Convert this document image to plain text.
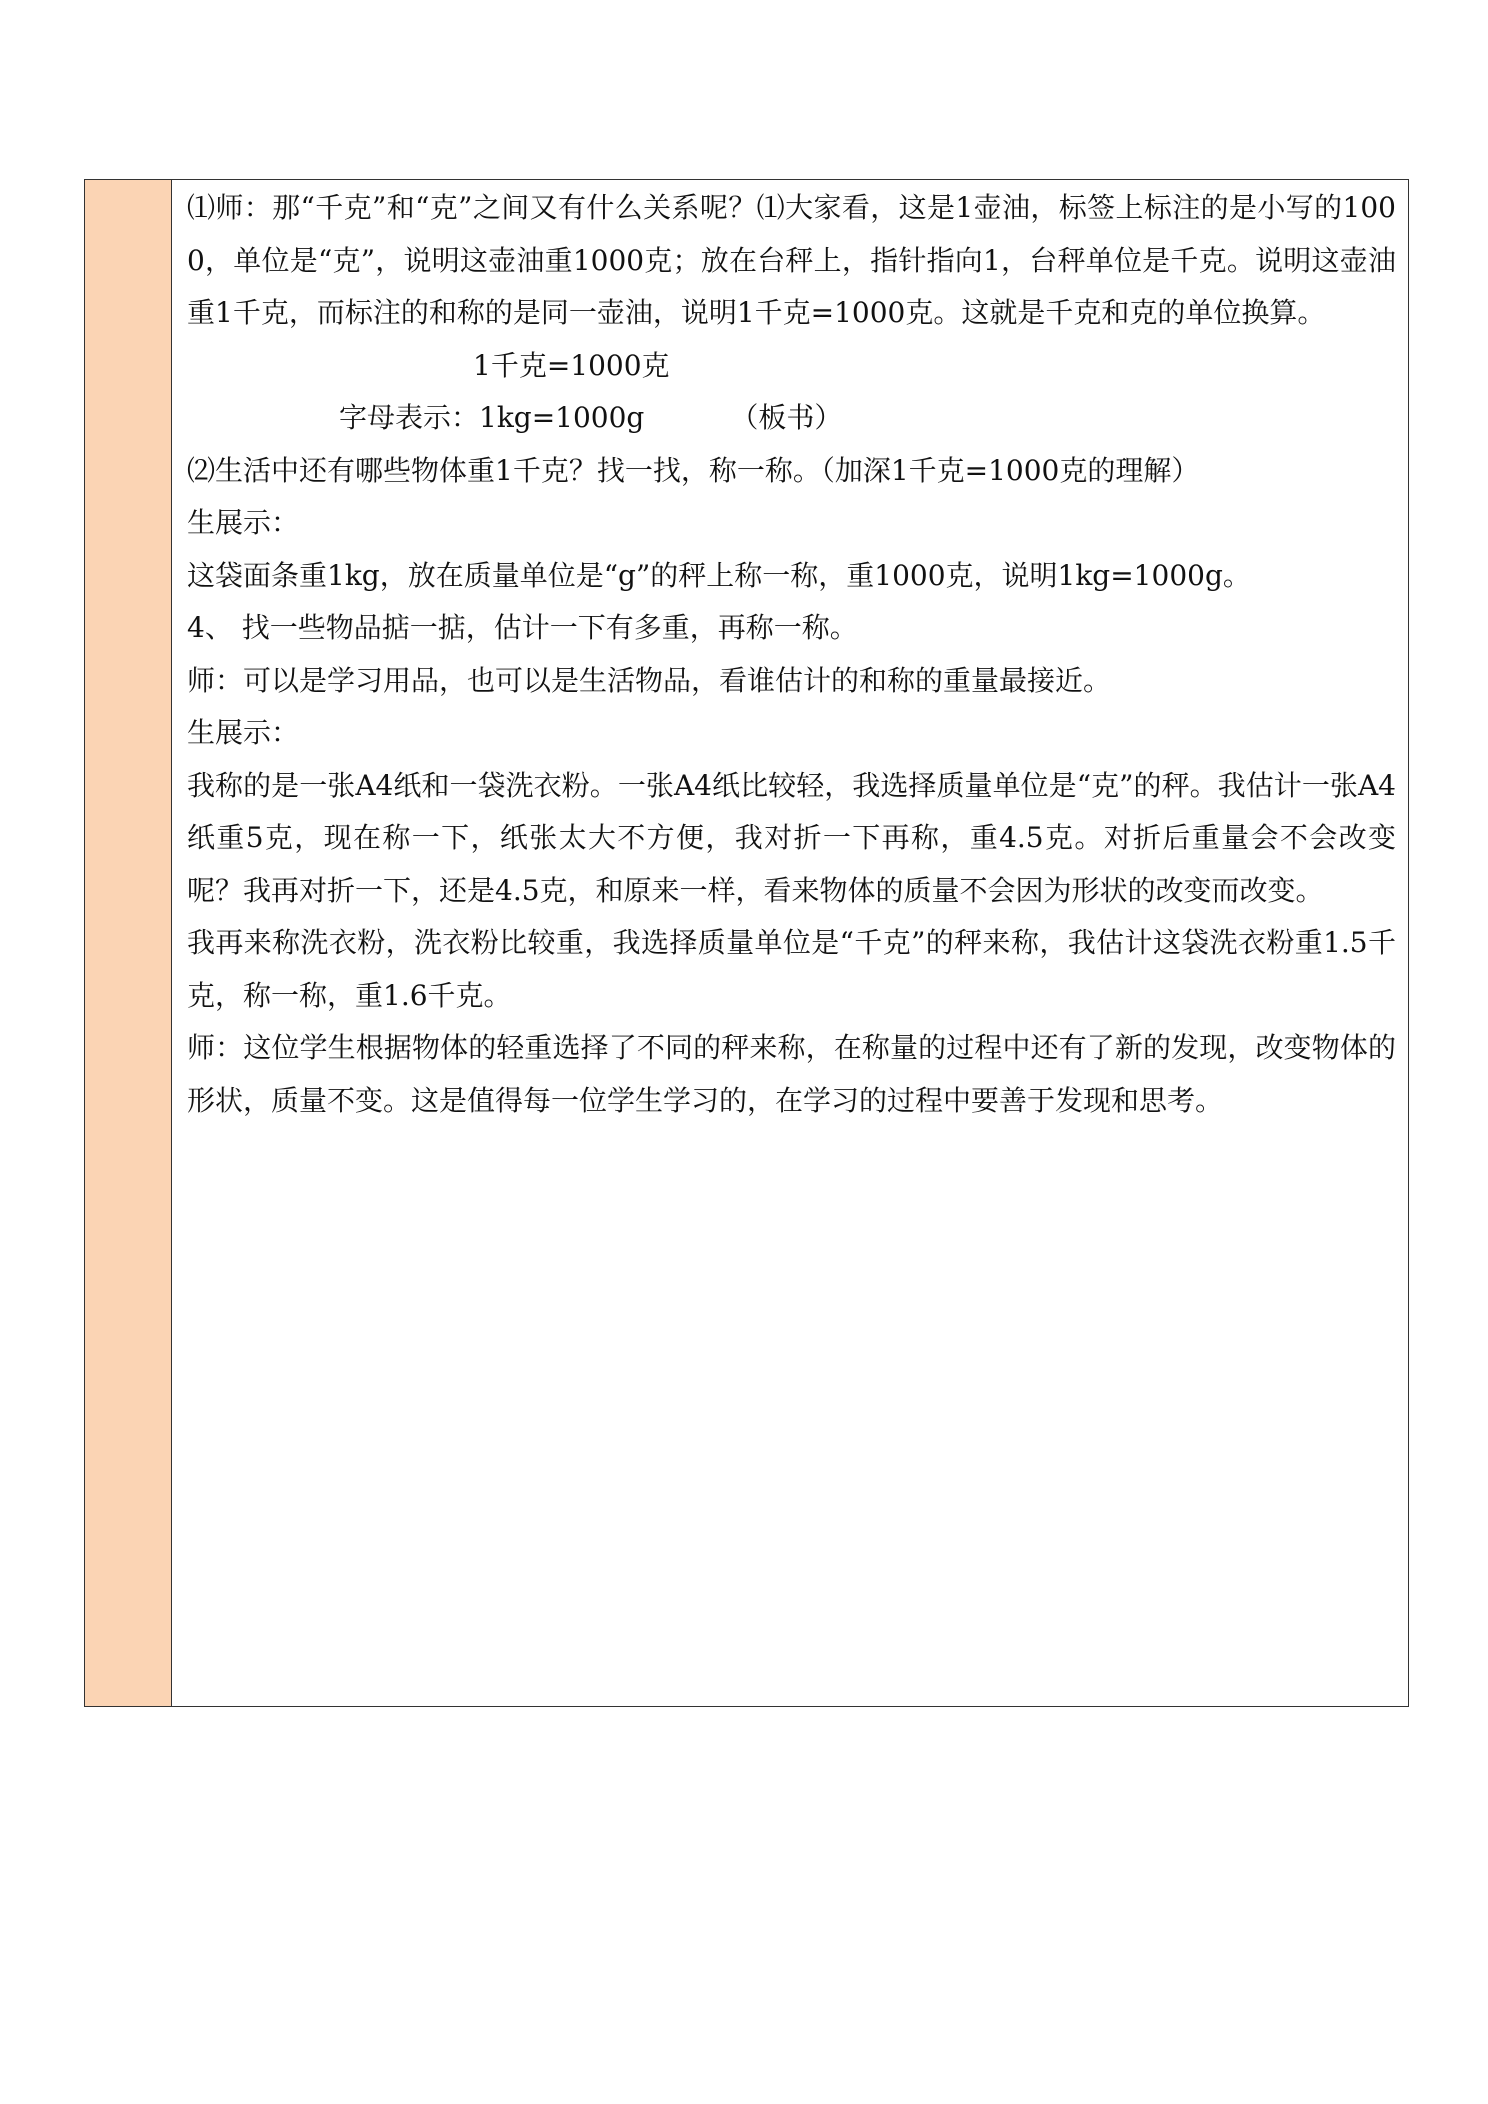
⑴师：那“千克”和“克”之间又有什么关系呢？⑴大家看，这是1壶油，标签上标注的是小写的1000，单位是“克”，说明这壶油重1000克；放在台秤上，指针指向1，台秤单位是千克。说明这壶油重1千克，而标注的和称的是同一壶油，说明1千克=1000克。这就是千克和克的单位换算。

1千克=1000克

字母表示：1kg=1000g	（板书）

⑵生活中还有哪些物体重1千克？找一找，称一称。（加深1千克=1000克的理解）

生展示：

这袋面条重1kg，放在质量单位是“g”的秤上称一称，重1000克，说明1kg=1000g。

4、 找一些物品掂一掂，估计一下有多重，再称一称。

师：可以是学习用品，也可以是生活物品，看谁估计的和称的重量最接近。

生展示：

我称的是一张A4纸和一袋洗衣粉。一张A4纸比较轻，我选择质量单位是“克”的秤。我估计一张A4纸重5克，现在称一下，纸张太大不方便，我对折一下再称，重4.5克。对折后重量会不会改变呢？我再对折一下，还是4.5克，和原来一样，看来物体的质量不会因为形状的改变而改变。

我再来称洗衣粉，洗衣粉比较重，我选择质量单位是“千克”的秤来称，我估计这袋洗衣粉重1.5千克，称一称，重1.6千克。

师：这位学生根据物体的轻重选择了不同的秤来称，在称量的过程中还有了新的发现，改变物体的形状，质量不变。这是值得每一位学生学习的，在学习的过程中要善于发现和思考。
